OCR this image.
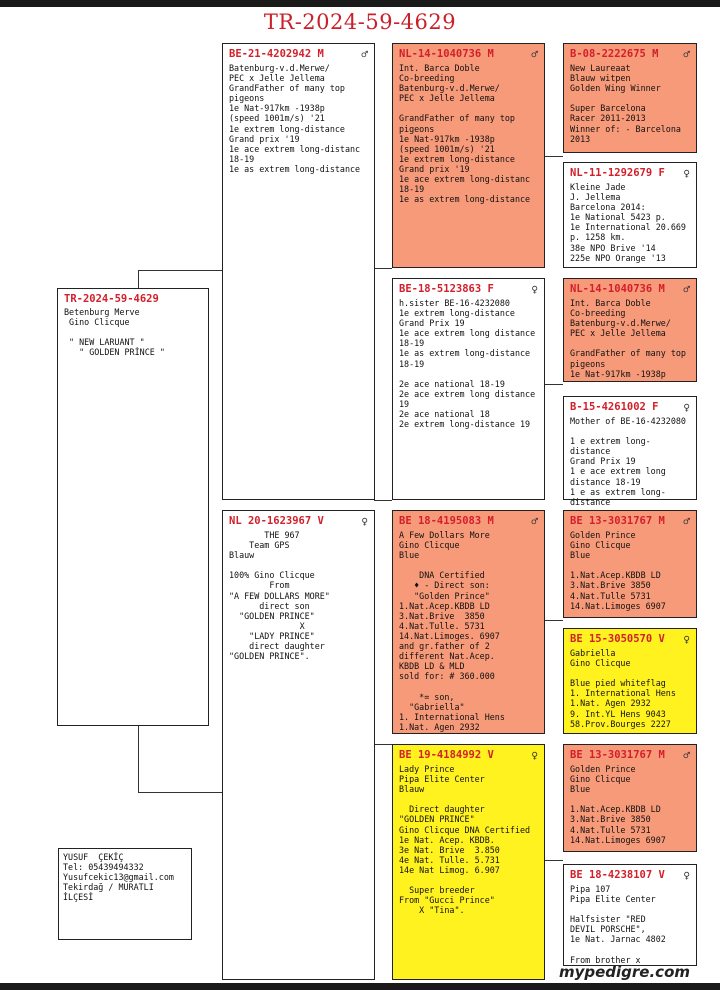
TR-2024-59-4629
TR-2024-59-4629
Betenburg Merve
Gino Clicque

" NEW LARUANT "
" GOLDEN PRİNCE "
BE-21-4202942 M	♂
Batenburg-v.d.Merwe/
PEC x Jelle Jellema
GrandFather of many top
pigeons
1e Nat-917km -1938p
(speed 1001m/s) '21
1e extrem long-distance
Grand prix '19
1e ace extrem long-distanc
18-19
1e as extrem long-distance
NL 20-1623967 V	♀
THE 967
Team GPS
Blauw

100% Gino Clicque
From
"A FEW DOLLARS MORE"
direct son
"GOLDEN PRINCE"
X
"LADY PRINCE"
direct daughter
"GOLDEN PRINCE".
NL-14-1040736 M	♂
Int. Barca Doble
Co-breeding
Batenburg-v.d.Merwe/
PEC x Jelle Jellema

GrandFather of many top
pigeons
1e Nat-917km -1938p
(speed 1001m/s) '21
1e extrem long-distance
Grand prix '19
1e ace extrem long-distanc
18-19
1e as extrem long-distance
BE-18-5123863 F	♀
h.sister BE-16-4232080
1e extrem long-distance
Grand Prix 19
1e ace extrem long distance
18-19
1e as extrem long-distance
18-19

2e ace national 18-19
2e ace extrem long distance
19
2e ace national 18
2e extrem long-distance 19
BE 18-4195083 M	♂
A Few Dollars More
Gino Clicque
Blue

DNA Certified
♦ - Direct son:
"Golden Prince"
1.Nat.Acep.KBDB LD
3.Nat.Brive  3850
4.Nat.Tulle. 5731
14.Nat.Limoges. 6907
and gr.father of 2
different Nat.Acep.
KBDB LD & MLD
sold for: # 360.000

*= son,
"Gabriella"
1. International Hens
1.Nat. Agen 2932
BE 19-4184992 V	♀
Lady Prince
Pipa Elite Center
Blauw

Direct daughter
"GOLDEN PRINCE"
Gino Clicque DNA Certified
1e Nat. Acep. KBDB.
3e Nat. Brive  3.850
4e Nat. Tulle. 5.731
14e Nat Limog. 6.907

Super breeder
From "Gucci Prince"
X "Tina".
B-08-2222675 M ♂
New Laureaat
Blauw witpen
Golden Wing Winner

Super Barcelona
Racer 2011-2013
Winner of: - Barcelona
2013
NL-11-1292679 F ♀
Kleine Jade
J. Jellema
Barcelona 2014:
1e National 5423 p.
1e International 20.669
p. 1258 km.
38e NPO Brive '14
225e NPO Orange '13
NL-14-1040736 M ♂
Int. Barca Doble
Co-breeding
Batenburg-v.d.Merwe/
PEC x Jelle Jellema

GrandFather of many top
pigeons
1e Nat-917km -1938p
B-15-4261002 F ♀
Mother of BE-16-4232080

1 e extrem long-distance
Grand Prix 19
1 e ace extrem long
distance 18-19
1 e as extrem long-
distance
BE 13-3031767 M ♂
Golden Prince
Gino Clicque
Blue

1.Nat.Acep.KBDB LD
3.Nat.Brive 3850
4.Nat.Tulle 5731
14.Nat.Limoges 6907
BE 15-3050570 V ♀
Gabriella
Gino Clicque

Blue pied whiteflag
1. International Hens
1.Nat. Agen 2932
9. Int.YL Hens 9043
58.Prov.Bourges 2227
BE 13-3031767 M ♂
Golden Prince
Gino Clicque
Blue

1.Nat.Acep.KBDB LD
3.Nat.Brive 3850
4.Nat.Tulle 5731
14.Nat.Limoges 6907
BE 18-4238107 V ♀
Pipa 107
Pipa Elite Center

Halfsister "RED
DEVIL PORSCHE",
1e Nat. Jarnac 4802

From brother x
YUSUF  ÇEKİÇ
Tel: 05439494332
Yusufcekic13@gmail.com
Tekirdağ / MURATLI
İLÇESİ
mypedigre.com
